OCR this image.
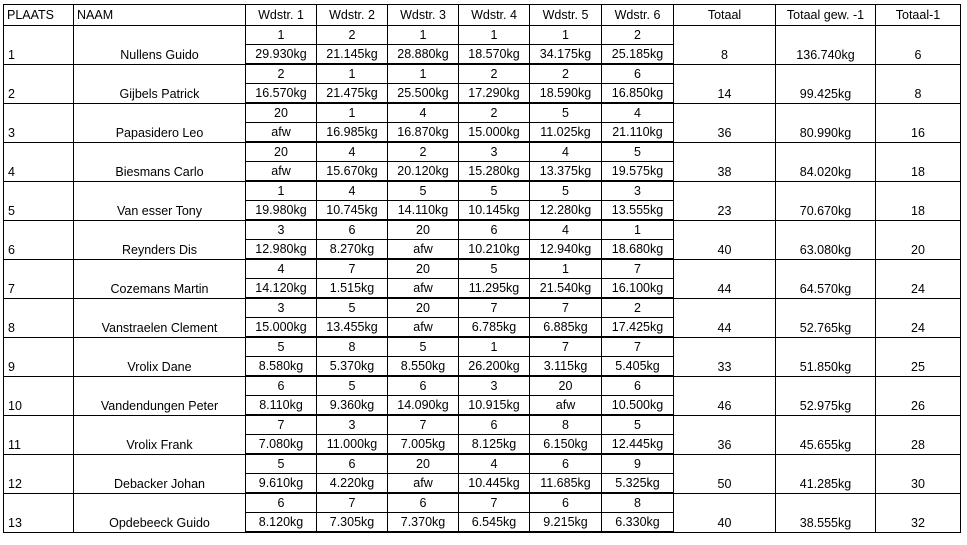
PLAATS	NAAM	Wdstr. 1	Wdstr. 2	Wdstr. 3	Wdstr. 4	Wdstr. 5	Wdstr. 6	Totaal	Totaal gew. -1	Totaal-1
1	Nullens Guido	1	2	1	1	1	2	8	136.740kg	6
		29.930kg	21.145kg	28.880kg	18.570kg	34.175kg	25.185kg			
2	Gijbels Patrick	2	1	1	2	2	6	14	99.425kg	8
		16.570kg	21.475kg	25.500kg	17.290kg	18.590kg	16.850kg			
3	Papasidero Leo	20	1	4	2	5	4	36	80.990kg	16
		afw	16.985kg	16.870kg	15.000kg	11.025kg	21.110kg			
4	Biesmans Carlo	20	4	2	3	4	5	38	84.020kg	18
		afw	15.670kg	20.120kg	15.280kg	13.375kg	19.575kg			
5	Van esser Tony	1	4	5	5	5	3	23	70.670kg	18
		19.980kg	10.745kg	14.110kg	10.145kg	12.280kg	13.555kg			
6	Reynders Dis	3	6	20	6	4	1	40	63.080kg	20
		12.980kg	8.270kg	afw	10.210kg	12.940kg	18.680kg			
7	Cozemans Martin	4	7	20	5	1	7	44	64.570kg	24
		14.120kg	1.515kg	afw	11.295kg	21.540kg	16.100kg			
8	Vanstraelen Clement	3	5	20	7	7	2	44	52.765kg	24
		15.000kg	13.455kg	afw	6.785kg	6.885kg	17.425kg			
9	Vrolix Dane	5	8	5	1	7	7	33	51.850kg	25
		8.580kg	5.370kg	8.550kg	26.200kg	3.115kg	5.405kg			
10	Vandendungen Peter	6	5	6	3	20	6	46	52.975kg	26
		8.110kg	9.360kg	14.090kg	10.915kg	afw	10.500kg			
11	Vrolix Frank	7	3	7	6	8	5	36	45.655kg	28
		7.080kg	11.000kg	7.005kg	8.125kg	6.150kg	12.445kg			
12	Debacker Johan	5	6	20	4	6	9	50	41.285kg	30
		9.610kg	4.220kg	afw	10.445kg	11.685kg	5.325kg			
13	Opdebeeck Guido	6	7	6	7	6	8	40	38.555kg	32
		8.120kg	7.305kg	7.370kg	6.545kg	9.215kg	6.330kg			
